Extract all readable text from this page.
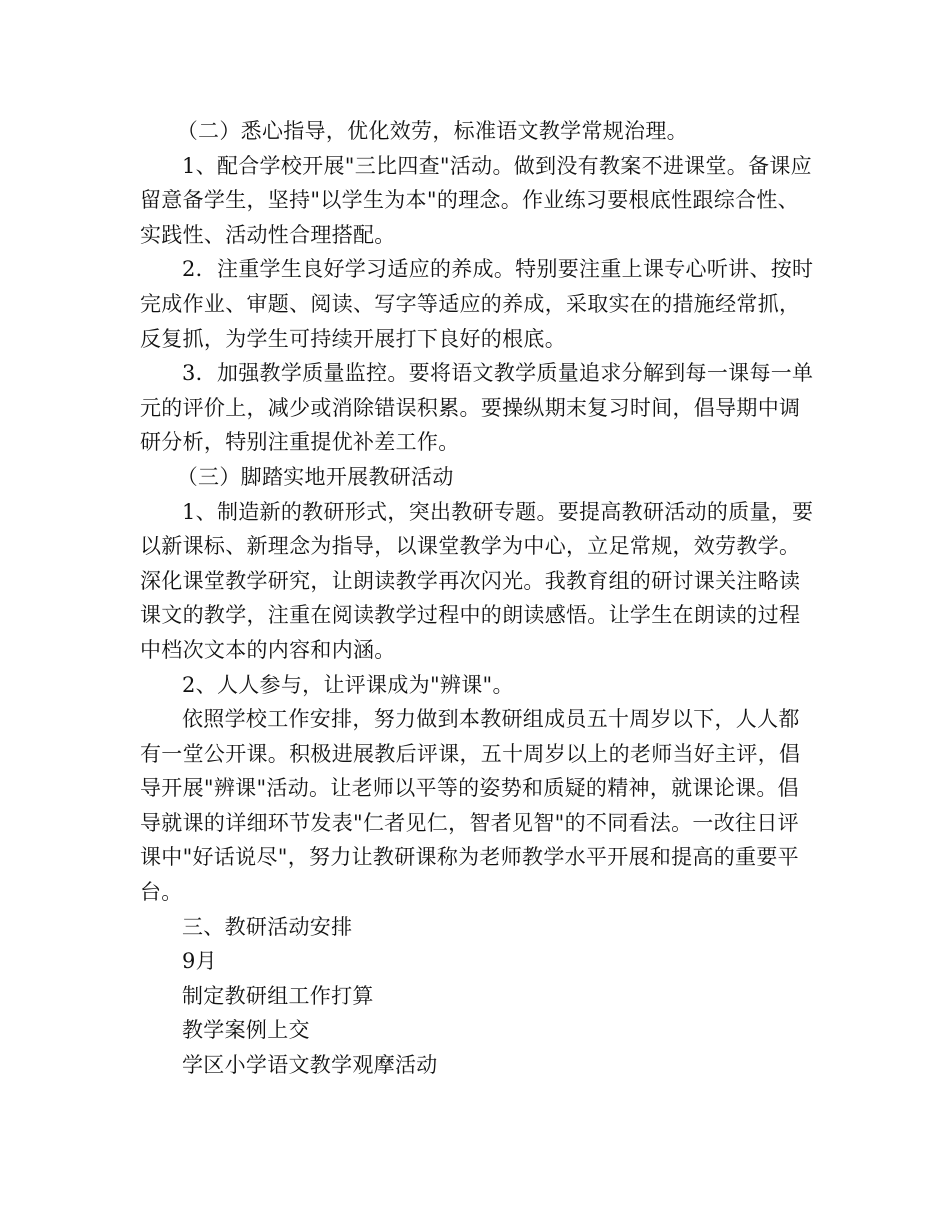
（二）悉心指导，优化效劳，标准语文教学常规治理。

1、配合学校开展"三比四查"活动。做到没有教案不进课堂。备课应留意备学生，坚持"以学生为本"的理念。作业练习要根底性跟综合性、实践性、活动性合理搭配。

2．注重学生良好学习适应的养成。特别要注重上课专心听讲、按时完成作业、审题、阅读、写字等适应的养成，采取实在的措施经常抓，反复抓，为学生可持续开展打下良好的根底。

3．加强教学质量监控。要将语文教学质量追求分解到每一课每一单元的评价上，减少或消除错误积累。要操纵期末复习时间，倡导期中调研分析，特别注重提优补差工作。

（三）脚踏实地开展教研活动

1、制造新的教研形式，突出教研专题。要提高教研活动的质量，要以新课标、新理念为指导，以课堂教学为中心，立足常规，效劳教学。深化课堂教学研究，让朗读教学再次闪光。我教育组的研讨课关注略读课文的教学，注重在阅读教学过程中的朗读感悟。让学生在朗读的过程中档次文本的内容和内涵。

2、人人参与，让评课成为"辨课"。

依照学校工作安排，努力做到本教研组成员五十周岁以下，人人都有一堂公开课。积极进展教后评课，五十周岁以上的老师当好主评，倡导开展"辨课"活动。让老师以平等的姿势和质疑的精神，就课论课。倡导就课的详细环节发表"仁者见仁，智者见智"的不同看法。一改往日评课中"好话说尽"，努力让教研课称为老师教学水平开展和提高的重要平台。

三、教研活动安排

9月

制定教研组工作打算

教学案例上交

学区小学语文教学观摩活动
